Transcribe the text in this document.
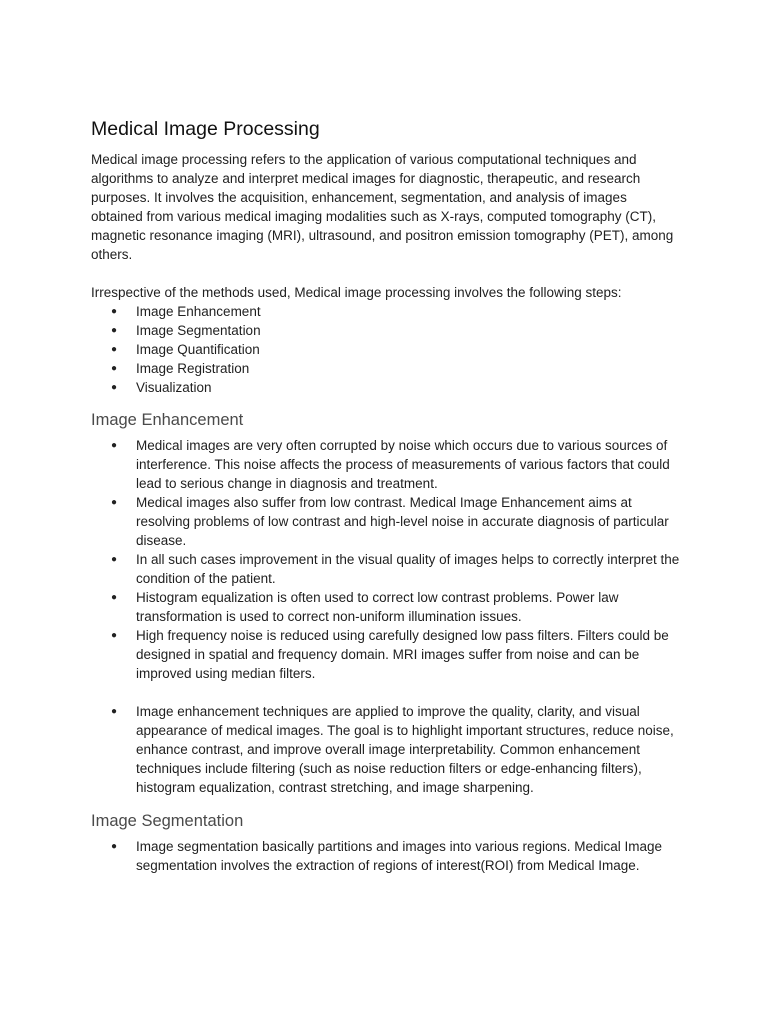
Medical Image Processing

Medical image processing refers to the application of various computational techniques and algorithms to analyze and interpret medical images for diagnostic, therapeutic, and research purposes. It involves the acquisition, enhancement, segmentation, and analysis of images obtained from various medical imaging modalities such as X-rays, computed tomography (CT), magnetic resonance imaging (MRI), ultrasound, and positron emission tomography (PET), among others.

Irrespective of the methods used, Medical image processing involves the following steps:

● Image Enhancement
● Image Segmentation
● Image Quantification
● Image Registration
● Visualization
Image Enhancement
● Medical images are very often corrupted by noise which occurs due to various sources of interference. This noise affects the process of measurements of various factors that could lead to serious change in diagnosis and treatment.
● Medical images also suffer from low contrast. Medical Image Enhancement aims at resolving problems of low contrast and high-level noise in accurate diagnosis of particular disease.
● In all such cases improvement in the visual quality of images helps to correctly interpret the condition of the patient.
● Histogram equalization is often used to correct low contrast problems. Power law transformation is used to correct non-uniform illumination issues.
● High frequency noise is reduced using carefully designed low pass filters. Filters could be designed in spatial and frequency domain. MRI images suffer from noise and can be improved using median filters.
● Image enhancement techniques are applied to improve the quality, clarity, and visual appearance of medical images. The goal is to highlight important structures, reduce noise, enhance contrast, and improve overall image interpretability. Common enhancement techniques include filtering (such as noise reduction filters or edge-enhancing filters), histogram equalization, contrast stretching, and image sharpening.
Image Segmentation
● Image segmentation basically partitions and images into various regions. Medical Image segmentation involves the extraction of regions of interest(ROI) from Medical Image.
